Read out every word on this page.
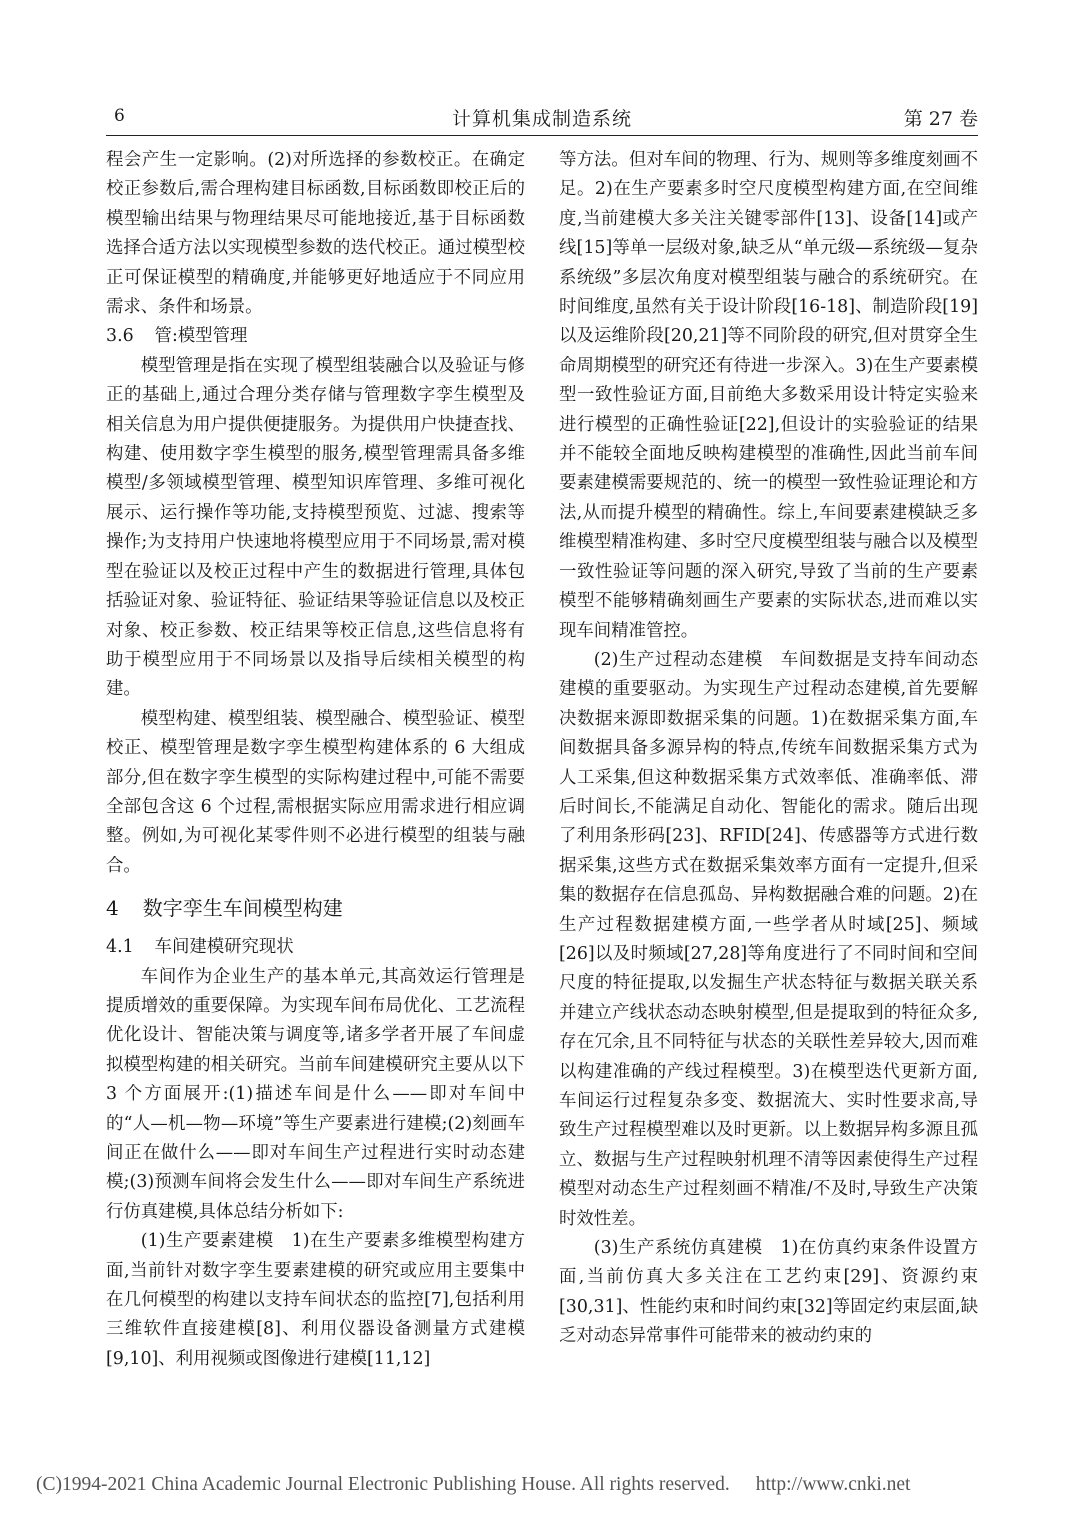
6	计算机集成制造系统	第 27 卷

程会产生一定影响。(2)对所选择的参数校正。在确定校正参数后,需合理构建目标函数,目标函数即校正后的模型输出结果与物理结果尽可能地接近,基于目标函数选择合适方法以实现模型参数的迭代校正。通过模型校正可保证模型的精确度,并能够更好地适应于不同应用需求、条件和场景。

3.6 管:模型管理

模型管理是指在实现了模型组装融合以及验证与修正的基础上,通过合理分类存储与管理数字孪生模型及相关信息为用户提供便捷服务。为提供用户快捷查找、构建、使用数字孪生模型的服务,模型管理需具备多维模型/多领域模型管理、模型知识库管理、多维可视化展示、运行操作等功能,支持模型预览、过滤、搜索等操作;为支持用户快速地将模型应用于不同场景,需对模型在验证以及校正过程中产生的数据进行管理,具体包括验证对象、验证特征、验证结果等验证信息以及校正对象、校正参数、校正结果等校正信息,这些信息将有助于模型应用于不同场景以及指导后续相关模型的构建。

模型构建、模型组装、模型融合、模型验证、模型校正、模型管理是数字孪生模型构建体系的 6 大组成部分,但在数字孪生模型的实际构建过程中,可能不需要全部包含这 6 个过程,需根据实际应用需求进行相应调整。例如,为可视化某零件则不必进行模型的组装与融合。

4 数字孪生车间模型构建
4.1 车间建模研究现状

车间作为企业生产的基本单元,其高效运行管理是提质增效的重要保障。为实现车间布局优化、工艺流程优化设计、智能决策与调度等,诸多学者开展了车间虚拟模型构建的相关研究。当前车间建模研究主要从以下 3 个方面展开:(1)描述车间是什么——即对车间中的“人—机—物—环境”等生产要素进行建模;(2)刻画车间正在做什么——即对车间生产过程进行实时动态建模;(3)预测车间将会发生什么——即对车间生产系统进行仿真建模,具体总结分析如下:

(1)生产要素建模　1)在生产要素多维模型构建方面,当前针对数字孪生要素建模的研究或应用主要集中在几何模型的构建以支持车间状态的监控[7],包括利用三维软件直接建模[8]、利用仪器设备测量方式建模[9,10]、利用视频或图像进行建模[11,12]

等方法。但对车间的物理、行为、规则等多维度刻画不足。2)在生产要素多时空尺度模型构建方面,在空间维度,当前建模大多关注关键零部件[13]、设备[14]或产线[15]等单一层级对象,缺乏从“单元级—系统级—复杂系统级”多层次角度对模型组装与融合的系统研究。在时间维度,虽然有关于设计阶段[16-18]、制造阶段[19]以及运维阶段[20,21]等不同阶段的研究,但对贯穿全生命周期模型的研究还有待进一步深入。3)在生产要素模型一致性验证方面,目前绝大多数采用设计特定实验来进行模型的正确性验证[22],但设计的实验验证的结果并不能较全面地反映构建模型的准确性,因此当前车间要素建模需要规范的、统一的模型一致性验证理论和方法,从而提升模型的精确性。综上,车间要素建模缺乏多维模型精准构建、多时空尺度模型组装与融合以及模型一致性验证等问题的深入研究,导致了当前的生产要素模型不能够精确刻画生产要素的实际状态,进而难以实现车间精准管控。

(2)生产过程动态建模　车间数据是支持车间动态建模的重要驱动。为实现生产过程动态建模,首先要解决数据来源即数据采集的问题。1)在数据采集方面,车间数据具备多源异构的特点,传统车间数据采集方式为人工采集,但这种数据采集方式效率低、准确率低、滞后时间长,不能满足自动化、智能化的需求。随后出现了利用条形码[23]、RFID[24]、传感器等方式进行数据采集,这些方式在数据采集效率方面有一定提升,但采集的数据存在信息孤岛、异构数据融合难的问题。2)在生产过程数据建模方面,一些学者从时域[25]、频域[26]以及时频域[27,28]等角度进行了不同时间和空间尺度的特征提取,以发掘生产状态特征与数据关联关系并建立产线状态动态映射模型,但是提取到的特征众多,存在冗余,且不同特征与状态的关联性差异较大,因而难以构建准确的产线过程模型。3)在模型迭代更新方面,车间运行过程复杂多变、数据流大、实时性要求高,导致生产过程模型难以及时更新。以上数据异构多源且孤立、数据与生产过程映射机理不清等因素使得生产过程模型对动态生产过程刻画不精准/不及时,导致生产决策时效性差。

(3)生产系统仿真建模　1)在仿真约束条件设置方面,当前仿真大多关注在工艺约束[29]、资源约束[30,31]、性能约束和时间约束[32]等固定约束层面,缺乏对动态异常事件可能带来的被动约束的

(C)1994-2021 China Academic Journal Electronic Publishing House. All rights reserved. http://www.cnki.net
